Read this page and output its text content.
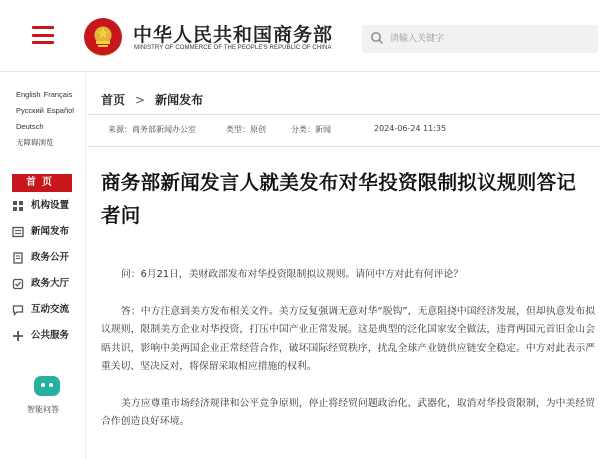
中华人民共和国商务部
MINISTRY OF COMMERCE OF THE PEOPLE'S REPUBLIC OF CHINA
请输入关键字
English Français
Русский Español
Deutsch
无障碍浏览
首页
机构设置
新闻发布
政务公开
政务大厅
互动交流
公共服务
智能问答
首页 > 新闻发布
来源：商务部新闻办公室	类型：原创	分类：新闻	2024-06-24 11:35
商务部新闻发言人就美发布对华投资限制拟议规则答记者问

问：6月21日，美财政部发布对华投资限制拟议规则。请问中方对此有何评论？

答：中方注意到美方发布相关文件。美方反复强调无意对华“脱钩”，无意阻挠中国经济发展，但却执意发布拟议规则，限制美方企业对华投资，打压中国产业正常发展。这是典型的泛化国家安全做法，违背两国元首旧金山会晤共识，影响中美两国企业正常经营合作，破坏国际经贸秩序，扰乱全球产业链供应链安全稳定。中方对此表示严重关切、坚决反对，将保留采取相应措施的权利。

美方应尊重市场经济规律和公平竞争原则，停止将经贸问题政治化、武器化，取消对华投资限制，为中美经贸合作创造良好环境。
